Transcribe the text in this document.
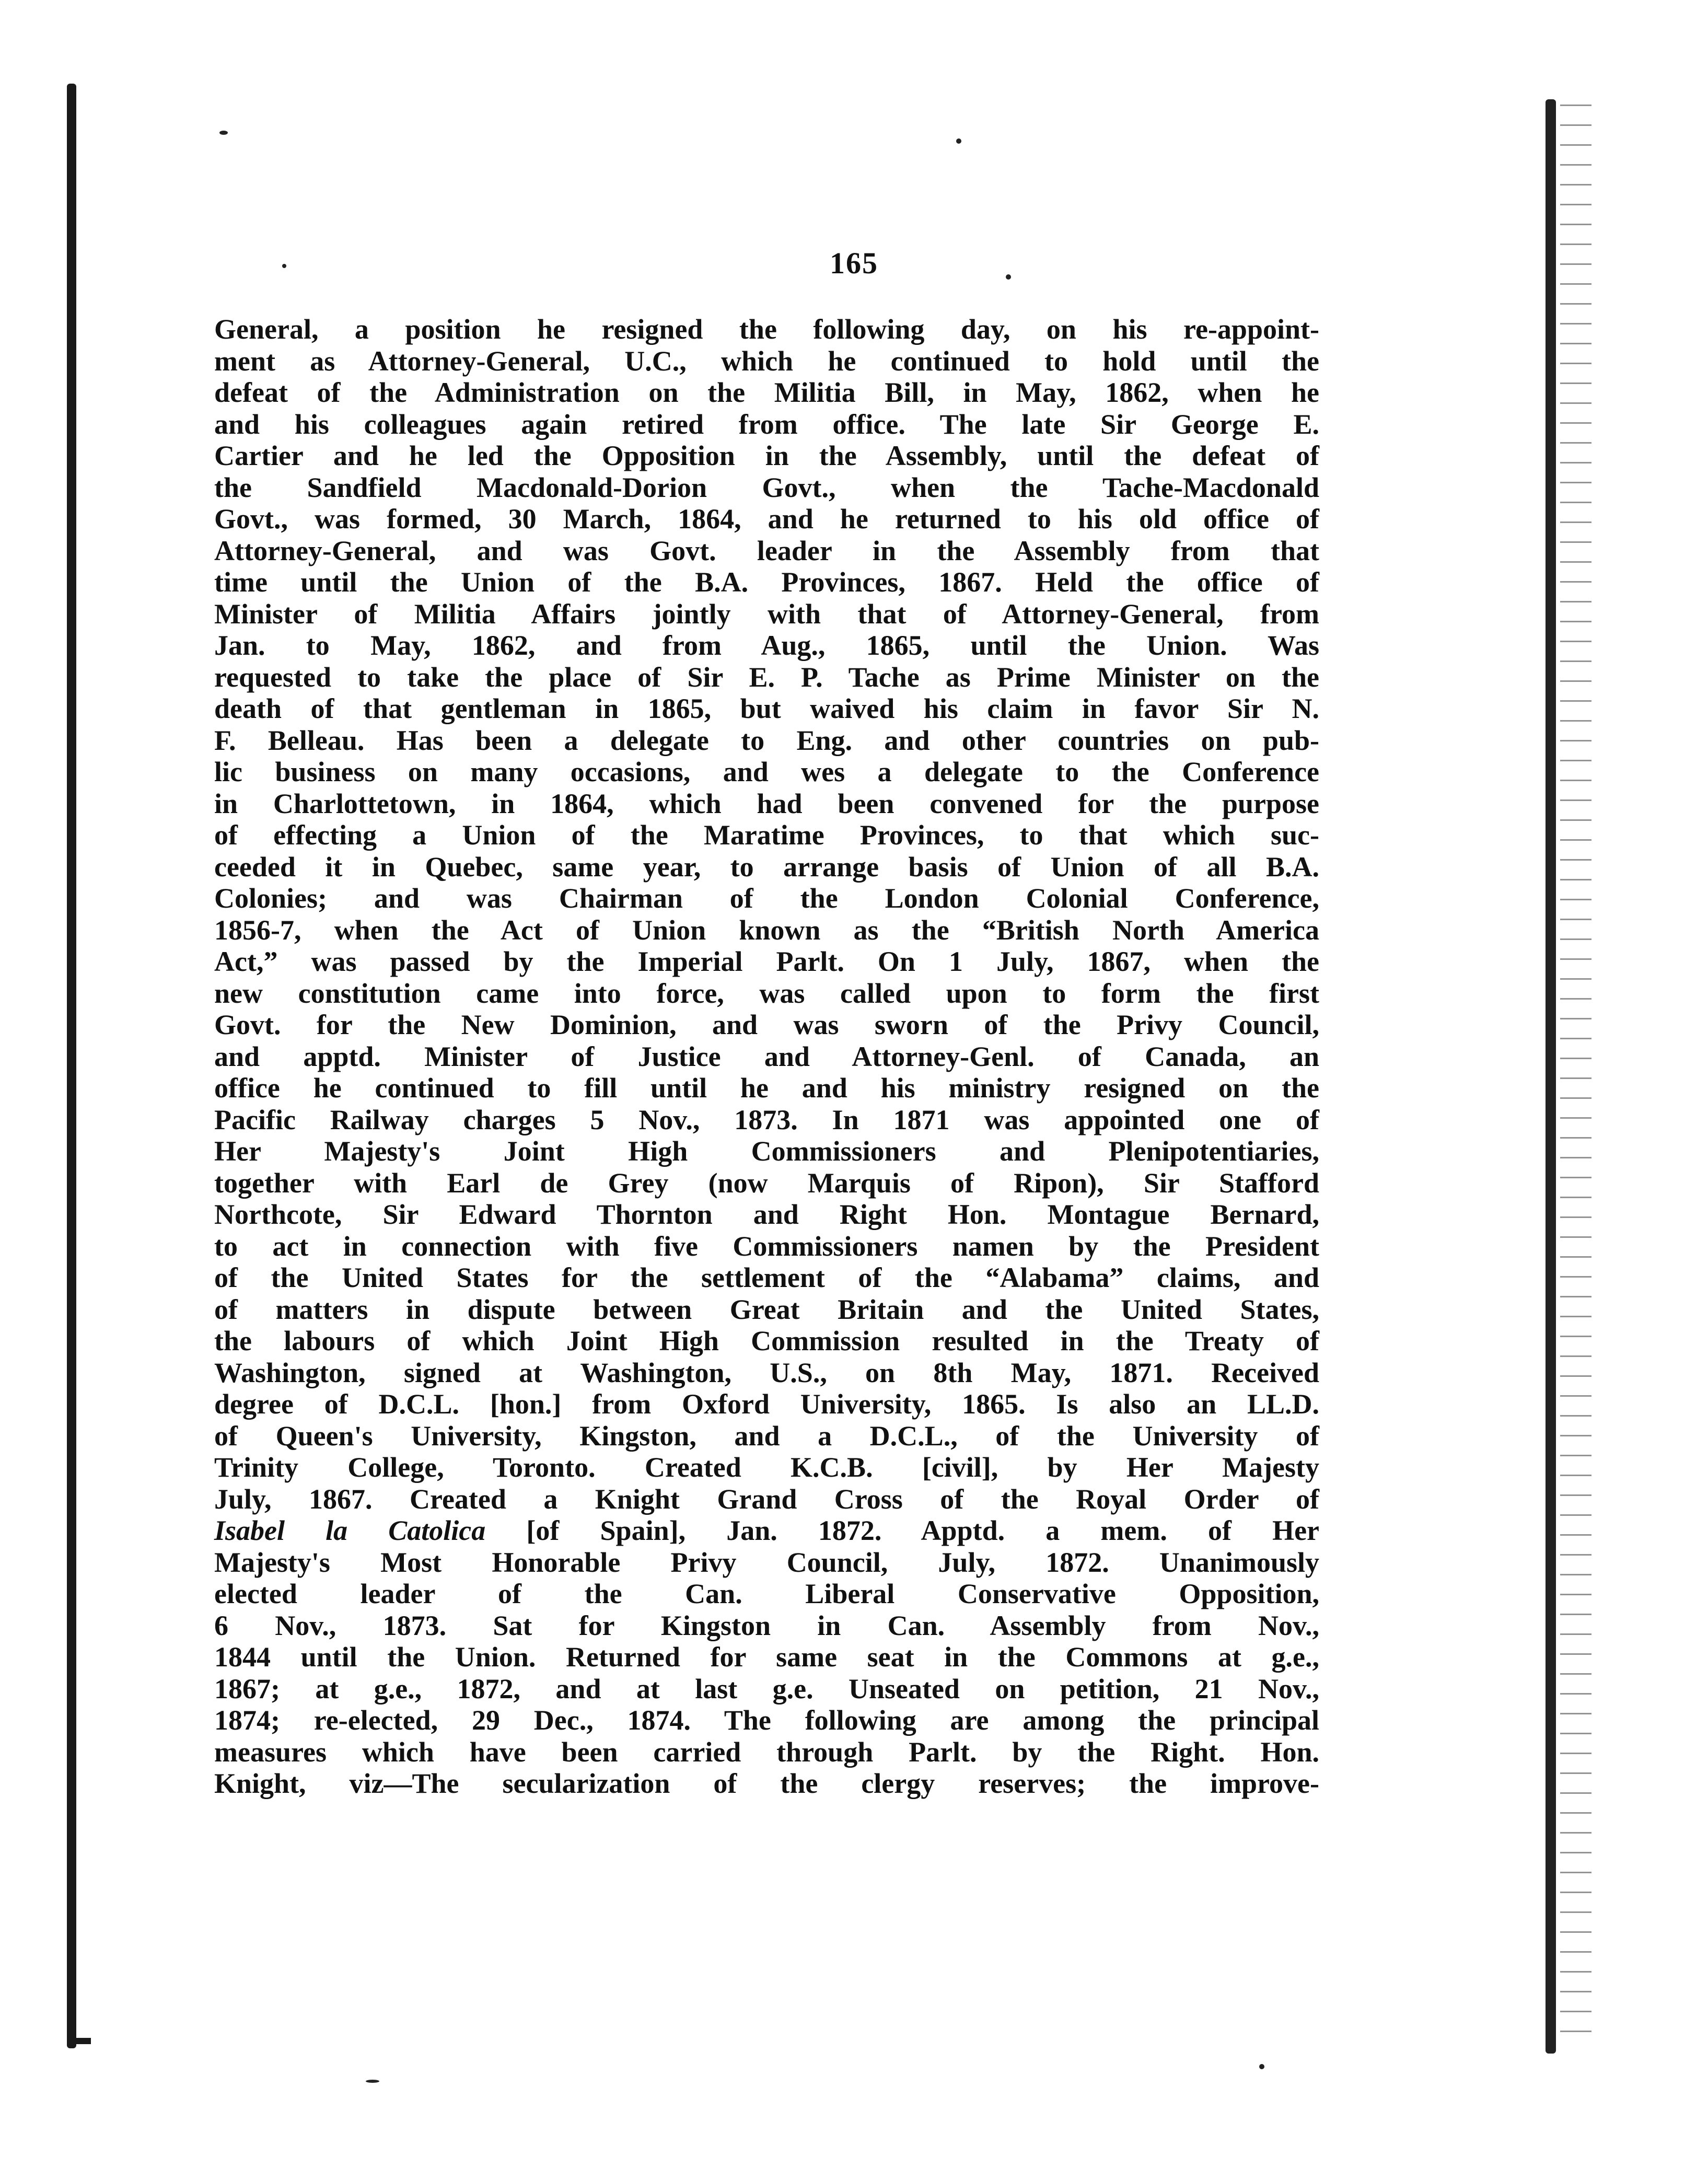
165
General, a position he resigned the following day, on his re-appoint-
ment as Attorney-General, U.C., which he continued to hold until the
defeat of the Administration on the Militia Bill, in May, 1862, when he
and his colleagues again retired from office. The late Sir George E.
Cartier and he led the Opposition in the Assembly, until the defeat of
the Sandfield Macdonald-Dorion Govt., when the Tache-Macdonald
Govt., was formed, 30 March, 1864, and he returned to his old office of
Attorney-General, and was Govt. leader in the Assembly from that
time until the Union of the B.A. Provinces, 1867. Held the office of
Minister of Militia Affairs jointly with that of Attorney-General, from
Jan. to May, 1862, and from Aug., 1865, until the Union. Was
requested to take the place of Sir E. P. Tache as Prime Minister on the
death of that gentleman in 1865, but waived his claim in favor Sir N.
F. Belleau. Has been a delegate to Eng. and other countries on pub-
lic business on many occasions, and wes a delegate to the Conference
in Charlottetown, in 1864, which had been convened for the purpose
of effecting a Union of the Maratime Provinces, to that which suc-
ceeded it in Quebec, same year, to arrange basis of Union of all B.A.
Colonies; and was Chairman of the London Colonial Conference,
1856-7, when the Act of Union known as the “British North America
Act,” was passed by the Imperial Parlt. On 1 July, 1867, when the
new constitution came into force, was called upon to form the first
Govt. for the New Dominion, and was sworn of the Privy Council,
and apptd. Minister of Justice and Attorney-Genl. of Canada, an
office he continued to fill until he and his ministry resigned on the
Pacific Railway charges 5 Nov., 1873. In 1871 was appointed one of
Her Majesty's Joint High Commissioners and Plenipotentiaries,
together with Earl de Grey (now Marquis of Ripon), Sir Stafford
Northcote, Sir Edward Thornton and Right Hon. Montague Bernard,
to act in connection with five Commissioners namen by the President
of the United States for the settlement of the “Alabama” claims, and
of matters in dispute between Great Britain and the United States,
the labours of which Joint High Commission resulted in the Treaty of
Washington, signed at Washington, U.S., on 8th May, 1871. Received
degree of D.C.L. [hon.] from Oxford University, 1865. Is also an LL.D.
of Queen's University, Kingston, and a D.C.L., of the University of
Trinity College, Toronto. Created K.C.B. [civil], by Her Majesty
July, 1867. Created a Knight Grand Cross of the Royal Order of
Isabel la Catolica [of Spain], Jan. 1872. Apptd. a mem. of Her
Majesty's Most Honorable Privy Council, July, 1872. Unanimously
elected leader of the Can. Liberal Conservative Opposition,
6 Nov., 1873. Sat for Kingston in Can. Assembly from Nov.,
1844 until the Union. Returned for same seat in the Commons at g.e.,
1867; at g.e., 1872, and at last g.e. Unseated on petition, 21 Nov.,
1874; re-elected, 29 Dec., 1874. The following are among the principal
measures which have been carried through Parlt. by the Right. Hon.
Knight, viz—The secularization of the clergy reserves; the improve-
